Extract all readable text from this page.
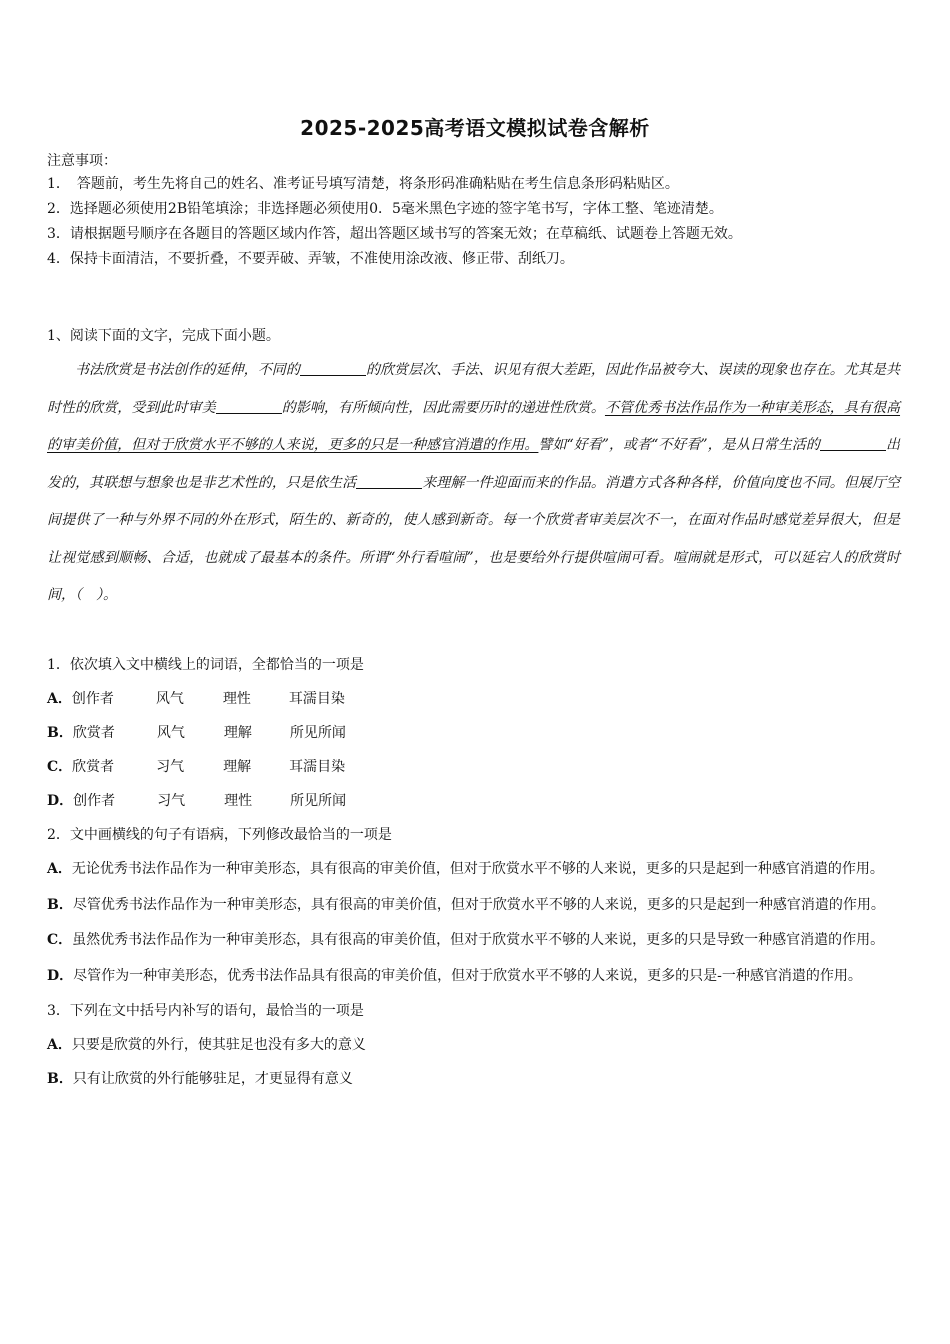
2025-2025高考语文模拟试卷含解析
注意事项：
1．　答题前，考生先将自己的姓名、准考证号填写清楚，将条形码准确粘贴在考生信息条形码粘贴区。
2．选择题必须使用2B铅笔填涂；非选择题必须使用0．5毫米黑色字迹的签字笔书写，字体工整、笔迹清楚。
3．请根据题号顺序在各题目的答题区域内作答，超出答题区域书写的答案无效；在草稿纸、试题卷上答题无效。
4．保持卡面清洁，不要折叠，不要弄破、弄皱，不准使用涂改液、修正带、刮纸刀。
1、阅读下面的文字，完成下面小题。
书法欣赏是书法创作的延伸，不同的	的欣赏层次、手法、识见有很大差距，因此作品被夸大、误读的现象也存在。尤其是共时性的欣赏，受到此时审美	的影响，有所倾向性，因此需要历时的递进性欣赏。不管优秀书法作品作为一种审美形态，具有很高的审美价值，但对于欣赏水平不够的人来说，更多的只是一种感官消遣的作用。譬如“好看”，或者“不好看”，是从日常生活的	出发的，其联想与想象也是非艺术性的，只是依生活	来理解一件迎面而来的作品。消遣方式各种各样，价值向度也不同。但展厅空间提供了一种与外界不同的外在形式，陌生的、新奇的，使人感到新奇。每一个欣赏者审美层次不一，在面对作品时感觉差异很大，但是让视觉感到顺畅、合适，也就成了最基本的条件。所谓“外行看喧闹”，也是要给外行提供喧闹可看。喧闹就是形式，可以延宕人的欣赏时间，（　）。
1．依次填入文中横线上的词语，全都恰当的一项是
A．创作者	风气	理性	耳濡目染
B．欣赏者	风气	理解	所见所闻
C．欣赏者	习气	理解	耳濡目染
D．创作者	习气	理性	所见所闻
2．文中画横线的句子有语病，下列修改最恰当的一项是
A．无论优秀书法作品作为一种审美形态，具有很高的审美价值，但对于欣赏水平不够的人来说，更多的只是起到一种感官消遣的作用。
B．尽管优秀书法作品作为一种审美形态，具有很高的审美价值，但对于欣赏水平不够的人来说，更多的只是起到一种感官消遣的作用。
C．虽然优秀书法作品作为一种审美形态，具有很高的审美价值，但对于欣赏水平不够的人来说，更多的只是导致一种感官消遣的作用。
D．尽管作为一种审美形态，优秀书法作品具有很高的审美价值，但对于欣赏水平不够的人来说，更多的只是-一种感官消遣的作用。
3．下列在文中括号内补写的语句，最恰当的一项是
A．只要是欣赏的外行，使其驻足也没有多大的意义
B．只有让欣赏的外行能够驻足，才更显得有意义
